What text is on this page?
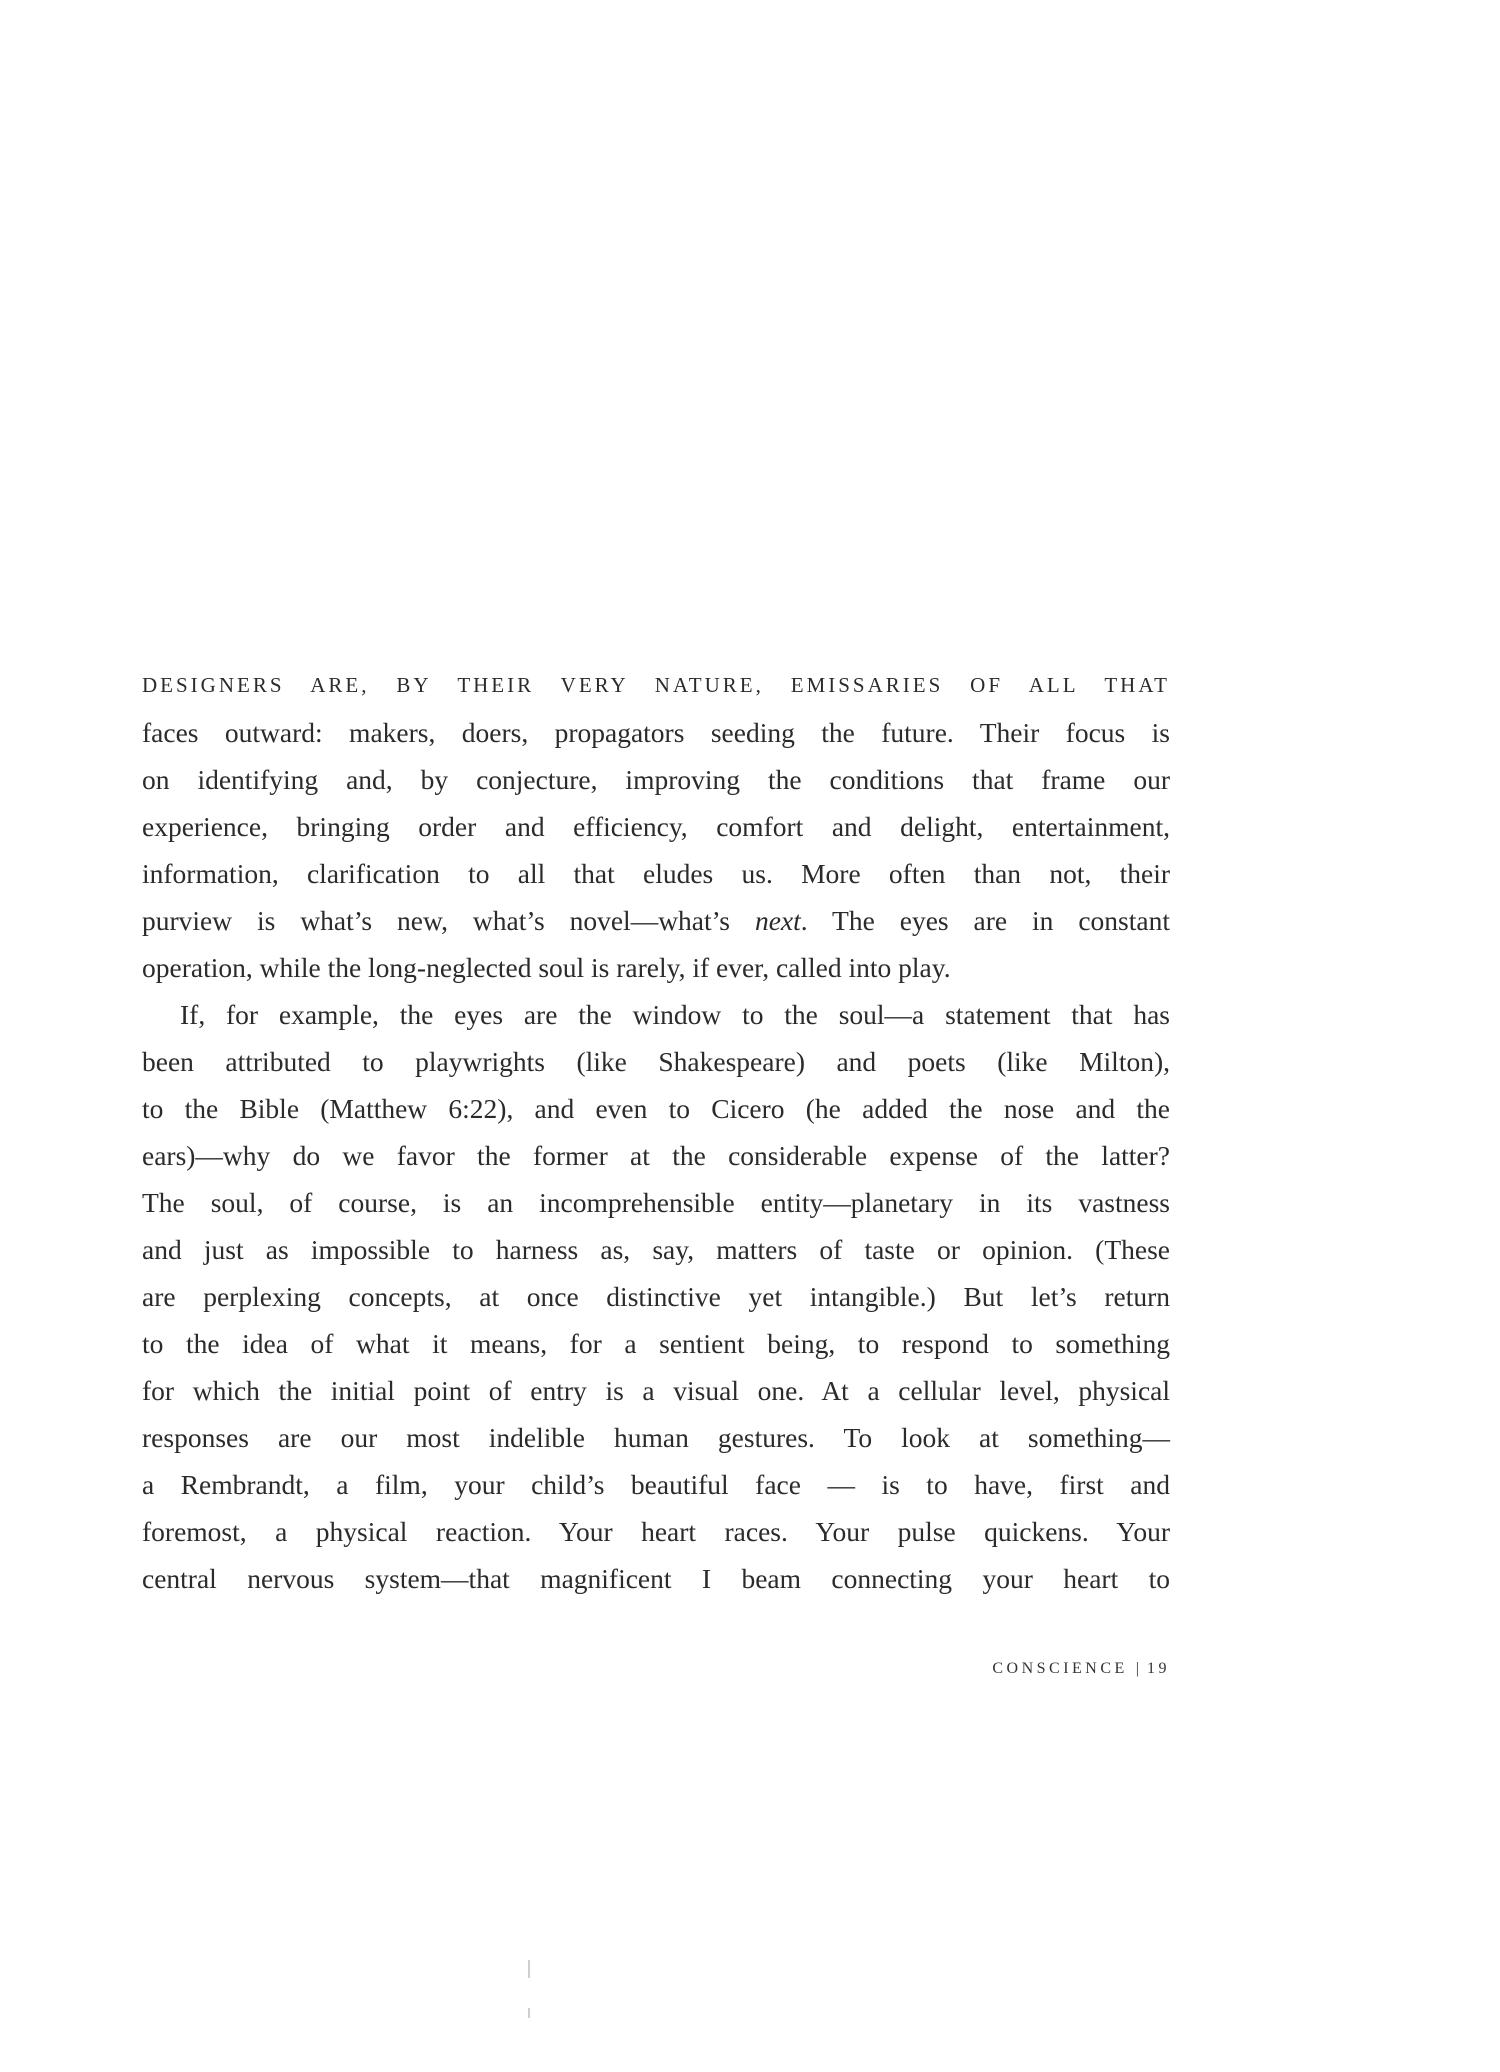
DESIGNERS ARE, BY THEIR VERY NATURE, EMISSARIES OF ALL THAT
faces outward: makers, doers, propagators seeding the future. Their focus is
on identifying and, by conjecture, improving the conditions that frame our
experience, bringing order and efficiency, comfort and delight, entertainment,
information, clarification to all that eludes us. More often than not, their
purview is what’s new, what’s novel—what’s next. The eyes are in constant
operation, while the long-neglected soul is rarely, if ever, called into play.
If, for example, the eyes are the window to the soul—a statement that has
been attributed to playwrights (like Shakespeare) and poets (like Milton),
to the Bible (Matthew 6:22), and even to Cicero (he added the nose and the
ears)—why do we favor the former at the considerable expense of the latter?
The soul, of course, is an incomprehensible entity—planetary in its vastness
and just as impossible to harness as, say, matters of taste or opinion. (These
are perplexing concepts, at once distinctive yet intangible.) But let’s return
to the idea of what it means, for a sentient being, to respond to something
for which the initial point of entry is a visual one. At a cellular level, physical
responses are our most indelible human gestures. To look at something—
a Rembrandt, a film, your child’s beautiful face — is to have, first and
foremost, a physical reaction. Your heart races. Your pulse quickens. Your
central nervous system—that magnificent I beam connecting your heart to
CONSCIENCE | 19
